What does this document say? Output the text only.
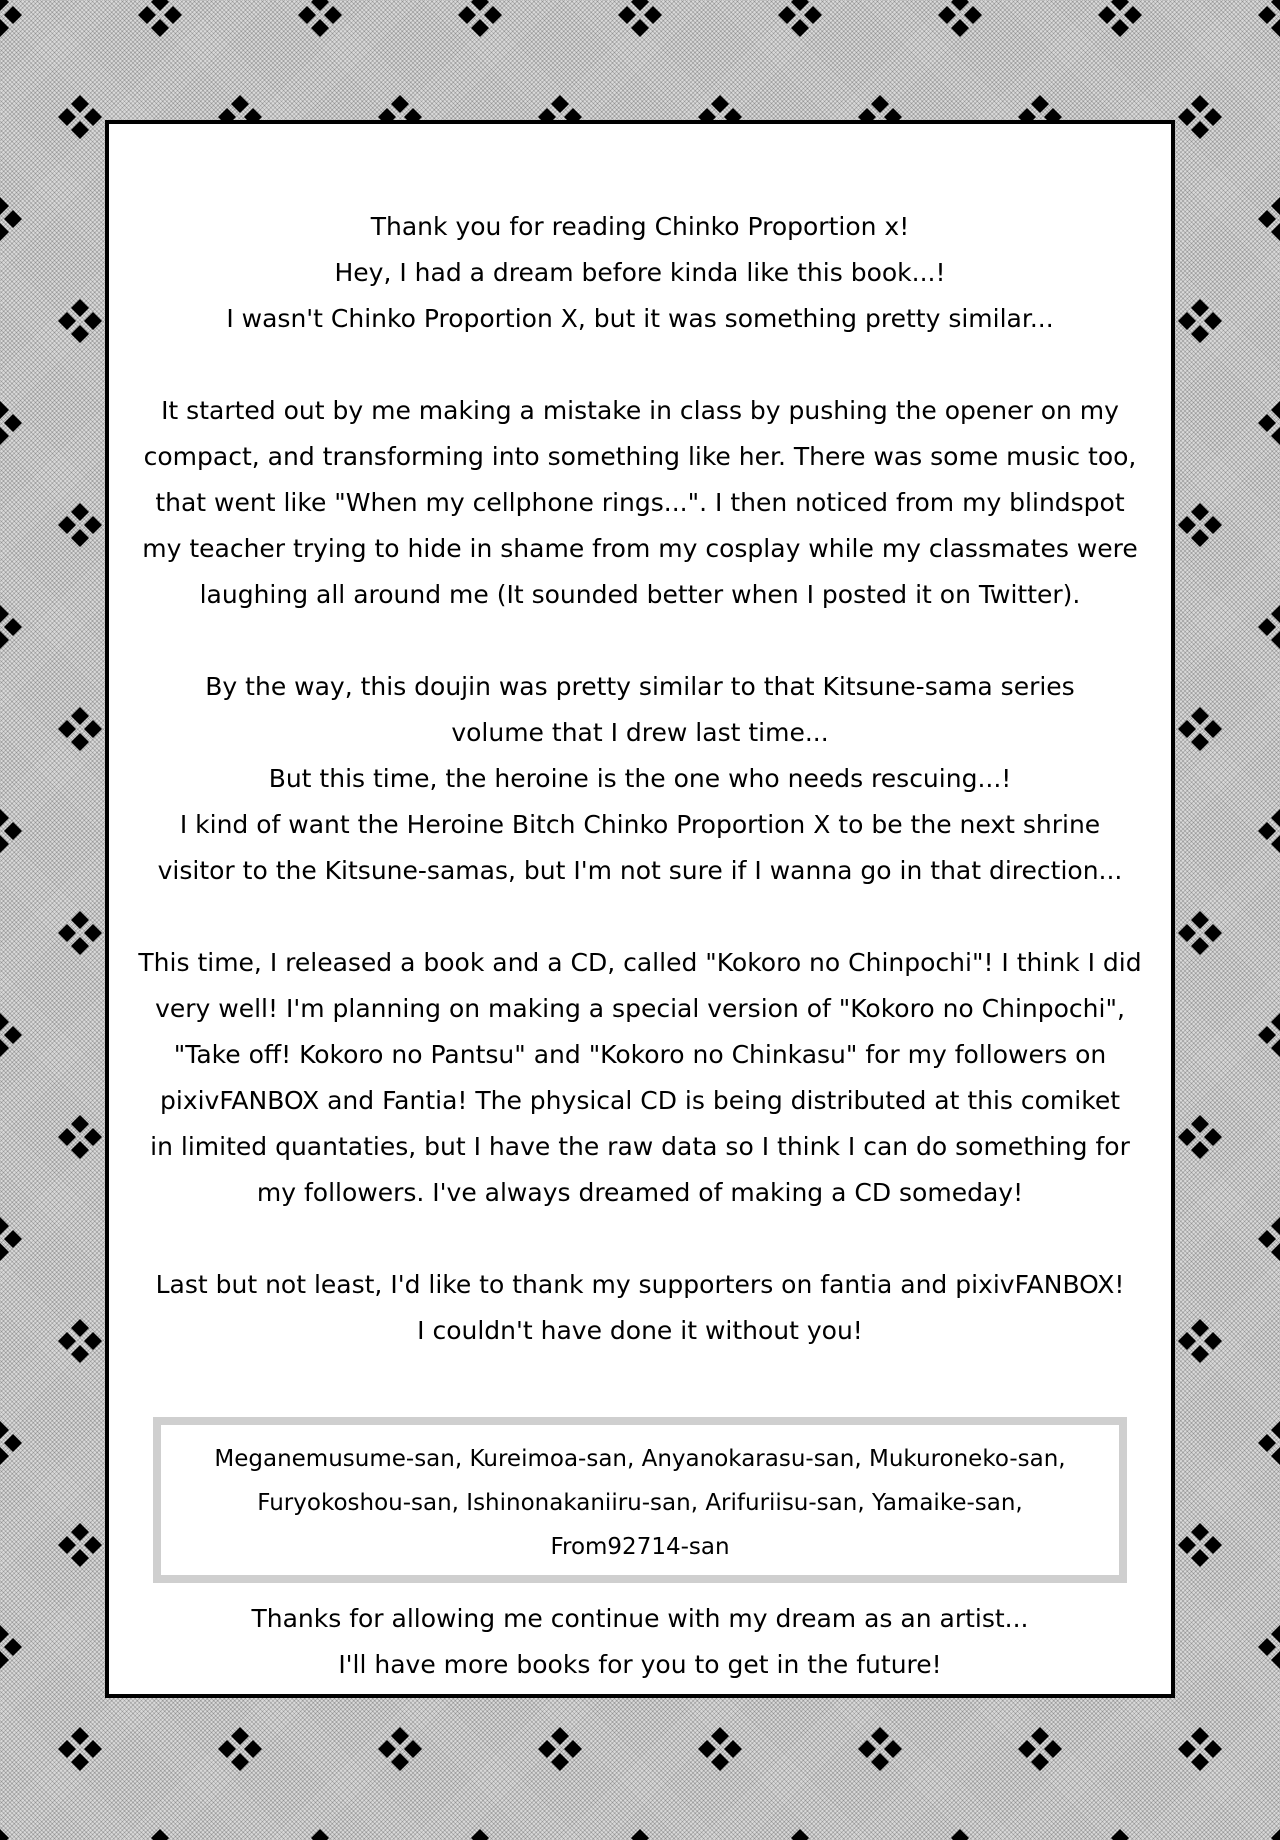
Thank you for reading Chinko Proportion x!
Hey, I had a dream before kinda like this book...!
I wasn't Chinko Proportion X, but it was something pretty similar...
It started out by me making a mistake in class by pushing the opener on my
compact, and transforming into something like her. There was some music too,
that went like "When my cellphone rings...". I then noticed from my blindspot
my teacher trying to hide in shame from my cosplay while my classmates were
laughing all around me (It sounded better when I posted it on Twitter).
By the way, this doujin was pretty similar to that Kitsune-sama series
volume that I drew last time...
But this time, the heroine is the one who needs rescuing...!
I kind of want the Heroine Bitch Chinko Proportion X to be the next shrine
visitor to the Kitsune-samas, but I'm not sure if I wanna go in that direction...
This time, I released a book and a CD, called "Kokoro no Chinpochi"! I think I did
very well! I'm planning on making a special version of "Kokoro no Chinpochi",
"Take off! Kokoro no Pantsu" and "Kokoro no Chinkasu" for my followers on
pixivFANBOX and Fantia! The physical CD is being distributed at this comiket
in limited quantaties, but I have the raw data so I think I can do something for
my followers. I've always dreamed of making a CD someday!
Last but not least, I'd like to thank my supporters on fantia and pixivFANBOX!
I couldn't have done it without you!
Meganemusume-san, Kureimoa-san, Anyanokarasu-san, Mukuroneko-san,
Furyokoshou-san, Ishinonakaniiru-san, Arifuriisu-san, Yamaike-san,
From92714-san
Thanks for allowing me continue with my dream as an artist...
I'll have more books for you to get in the future!
